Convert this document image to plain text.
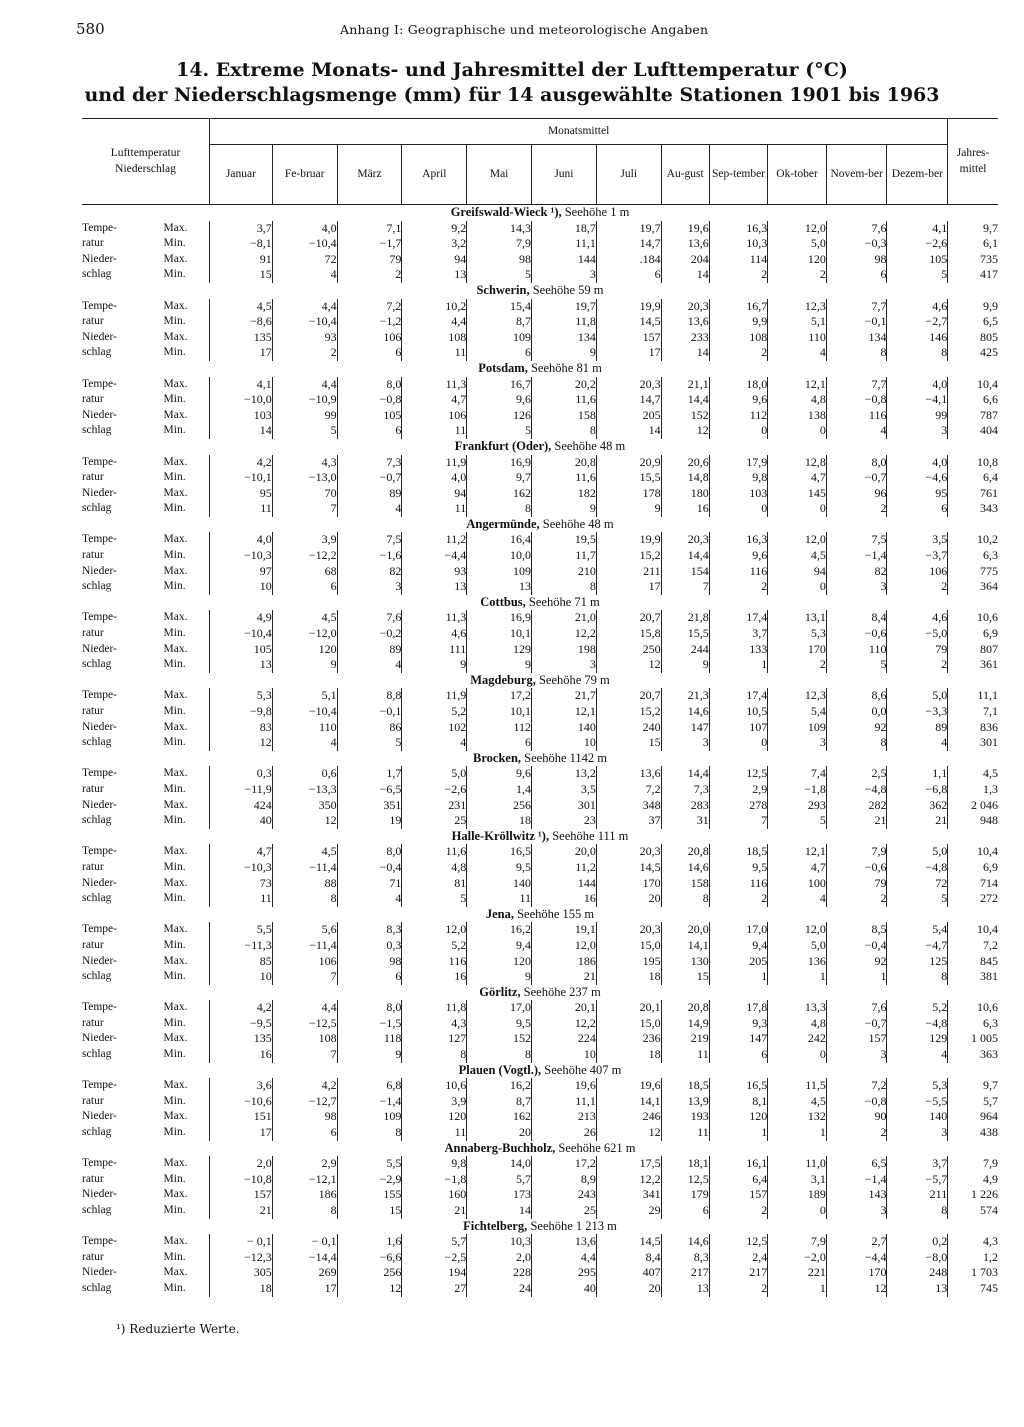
580	Anhang I: Geographische und meteorologische Angaben
14. Extreme Monats- und Jahresmittel der Lufttemperatur (°C)
und der Niederschlagsmenge (mm) für 14 ausgewählte Stationen 1901 bis 1963
Lufttemperatur Niederschlag		Monatsmittel												Jahres-mittel
		Januar	Fe-bruar	März	April	Mai	Juni	Juli	Au-gust	Sep-tember	Ok-tober	Novem-ber	Dezem-ber	
Greifswald-Wieck ¹), Seehöhe 1 m														
Tempe-	Max.	3,7	4,0	7,1	9,2	14,3	18,7	19,7	19,6	16,3	12,0	7,6	4,1	9,7
ratur	Min.	−8,1	−10,4	−1,7	3,2	7,9	11,1	14,7	13,6	10,3	5,0	−0,3	−2,6	6,1
Nieder-	Max.	91	72	79	94	98	144	.184	204	114	120	98	105	735
schlag	Min.	15	4	2	13	5	3	6	14	2	2	6	5	417
Schwerin, Seehöhe 59 m														
Tempe-	Max.	4,5	4,4	7,2	10,2	15,4	19,7	19,9	20,3	16,7	12,3	7,7	4,6	9,9
ratur	Min.	−8,6	−10,4	−1,2	4,4	8,7	11,8	14,5	13,6	9,9	5,1	−0,1	−2,7	6,5
Nieder-	Max.	135	93	106	108	109	134	157	233	108	110	134	146	805
schlag	Min.	17	2	6	11	6	9	17	14	2	4	8	8	425
Potsdam, Seehöhe 81 m														
Tempe-	Max.	4,1	4,4	8,0	11,3	16,7	20,2	20,3	21,1	18,0	12,1	7,7	4,0	10,4
ratur	Min.	−10,0	−10,9	−0,8	4,7	9,6	11,6	14,7	14,4	9,6	4,8	−0,8	−4,1	6,6
Nieder-	Max.	103	99	105	106	126	158	205	152	112	138	116	99	787
schlag	Min.	14	5	6	11	5	8	14	12	0	0	4	3	404
Frankfurt (Oder), Seehöhe 48 m														
Tempe-	Max.	4,2	4,3	7,3	11,9	16,9	20,8	20,9	20,6	17,9	12,8	8,0	4,0	10,8
ratur	Min.	−10,1	−13,0	−0,7	4,0	9,7	11,6	15,5	14,8	9,8	4,7	−0,7	−4,6	6,4
Nieder-	Max.	95	70	89	94	162	182	178	180	103	145	96	95	761
schlag	Min.	11	7	4	11	8	9	9	16	0	0	2	6	343
Angermünde, Seehöhe 48 m														
Tempe-	Max.	4,0	3,9	7,5	11,2	16,4	19,5	19,9	20,3	16,3	12,0	7,5	3,5	10,2
ratur	Min.	−10,3	−12,2	−1,6	−4,4	10,0	11,7	15,2	14,4	9,6	4,5	−1,4	−3,7	6,3
Nieder-	Max.	97	68	82	93	109	210	211	154	116	94	82	106	775
schlag	Min.	10	6	3	13	13	8	17	7	2	0	3	2	364
Cottbus, Seehöhe 71 m														
Tempe-	Max.	4,9	4,5	7,6	11,3	16,9	21,0	20,7	21,8	17,4	13,1	8,4	4,6	10,6
ratur	Min.	−10,4	−12,0	−0,2	4,6	10,1	12,2	15,8	15,5	3,7	5,3	−0,6	−5,0	6,9
Nieder-	Max.	105	120	89	111	129	198	250	244	133	170	110	79	807
schlag	Min.	13	9	4	9	9	3	12	9	1	2	5	2	361
Magdeburg, Seehöhe 79 m														
Tempe-	Max.	5,3	5,1	8,8	11,9	17,2	21,7	20,7	21,3	17,4	12,3	8,6	5,0	11,1
ratur	Min.	−9,8	−10,4	−0,1	5,2	10,1	12,1	15,2	14,6	10,5	5,4	0,0	−3,3	7,1
Nieder-	Max.	83	110	86	102	112	140	240	147	107	109	92	89	836
schlag	Min.	12	4	5	4	6	10	15	3	0	3	8	4	301
Brocken, Seehöhe 1142 m														
Tempe-	Max.	0,3	0,6	1,7	5,0	9,6	13,2	13,6	14,4	12,5	7,4	2,5	1,1	4,5
ratur	Min.	−11,9	−13,3	−6,5	−2,6	1,4	3,5	7,2	7,3	2,9	−1,8	−4,8	−6,8	1,3
Nieder-	Max.	424	350	351	231	256	301	348	283	278	293	282	362	2 046
schlag	Min.	40	12	19	25	18	23	37	31	7	5	21	21	948
Halle-Kröllwitz ¹), Seehöhe 111 m														
Tempe-	Max.	4,7	4,5	8,0	11,6	16,5	20,0	20,3	20,8	18,5	12,1	7,9	5,0	10,4
ratur	Min.	−10,3	−11,4	−0,4	4,8	9,5	11,2	14,5	14,6	9,5	4,7	−0,6	−4,8	6,9
Nieder-	Max.	73	88	71	81	140	144	170	158	116	100	79	72	714
schlag	Min.	11	8	4	5	11	16	20	8	2	4	2	5	272
Jena, Seehöhe 155 m														
Tempe-	Max.	5,5	5,6	8,3	12,0	16,2	19,1	20,3	20,0	17,0	12,0	8,5	5,4	10,4
ratur	Min.	−11,3	−11,4	0,3	5,2	9,4	12,0	15,0	14,1	9,4	5,0	−0,4	−4,7	7,2
Nieder-	Max.	85	106	98	116	120	186	195	130	205	136	92	125	845
schlag	Min.	10	7	6	16	9	21	18	15	1	1	1	8	381
Görlitz, Seehöhe 237 m														
Tempe-	Max.	4,2	4,4	8,0	11,8	17,0	20,1	20,1	20,8	17,8	13,3	7,6	5,2	10,6
ratur	Min.	−9,5	−12,5	−1,5	4,3	9,5	12,2	15,0	14,9	9,3	4,8	−0,7	−4,8	6,3
Nieder-	Max.	135	108	118	127	152	224	236	219	147	242	157	129	1 005
schlag	Min.	16	7	9	8	8	10	18	11	6	0	3	4	363
Plauen (Vogtl.), Seehöhe 407 m														
Tempe-	Max.	3,6	4,2	6,8	10,6	16,2	19,6	19,6	18,5	16,5	11,5	7,2	5,3	9,7
ratur	Min.	−10,6	−12,7	−1,4	3,9	8,7	11,1	14,1	13,9	8,1	4,5	−0,8	−5,5	5,7
Nieder-	Max.	151	98	109	120	162	213	246	193	120	132	90	140	964
schlag	Min.	17	6	8	11	20	26	12	11	1	1	2	3	438
Annaberg-Buchholz, Seehöhe 621 m														
Tempe-	Max.	2,0	2,9	5,5	9,8	14,0	17,2	17,5	18,1	16,1	11,0	6,5	3,7	7,9
ratur	Min.	−10,8	−12,1	−2,9	−1,8	5,7	8,9	12,2	12,5	6,4	3,1	−1,4	−5,7	4,9
Nieder-	Max.	157	186	155	160	173	243	341	179	157	189	143	211	1 226
schlag	Min.	21	8	15	21	14	25	29	6	2	0	3	8	574
Fichtelberg, Seehöhe 1 213 m														
Tempe-	Max.	− 0,1	− 0,1	1,6	5,7	10,3	13,6	14,5	14,6	12,5	7,9	2,7	0,2	4,3
ratur	Min.	−12,3	−14,4	−6,6	−2,5	2,0	4,4	8,4	8,3	2,4	−2,0	−4,4	−8,0	1,2
Nieder-	Max.	305	269	256	194	228	295	407	217	217	221	170	248	1 703
schlag	Min.	18	17	12	27	24	40	20	13	2	1	12	13	745
¹) Reduzierte Werte.
